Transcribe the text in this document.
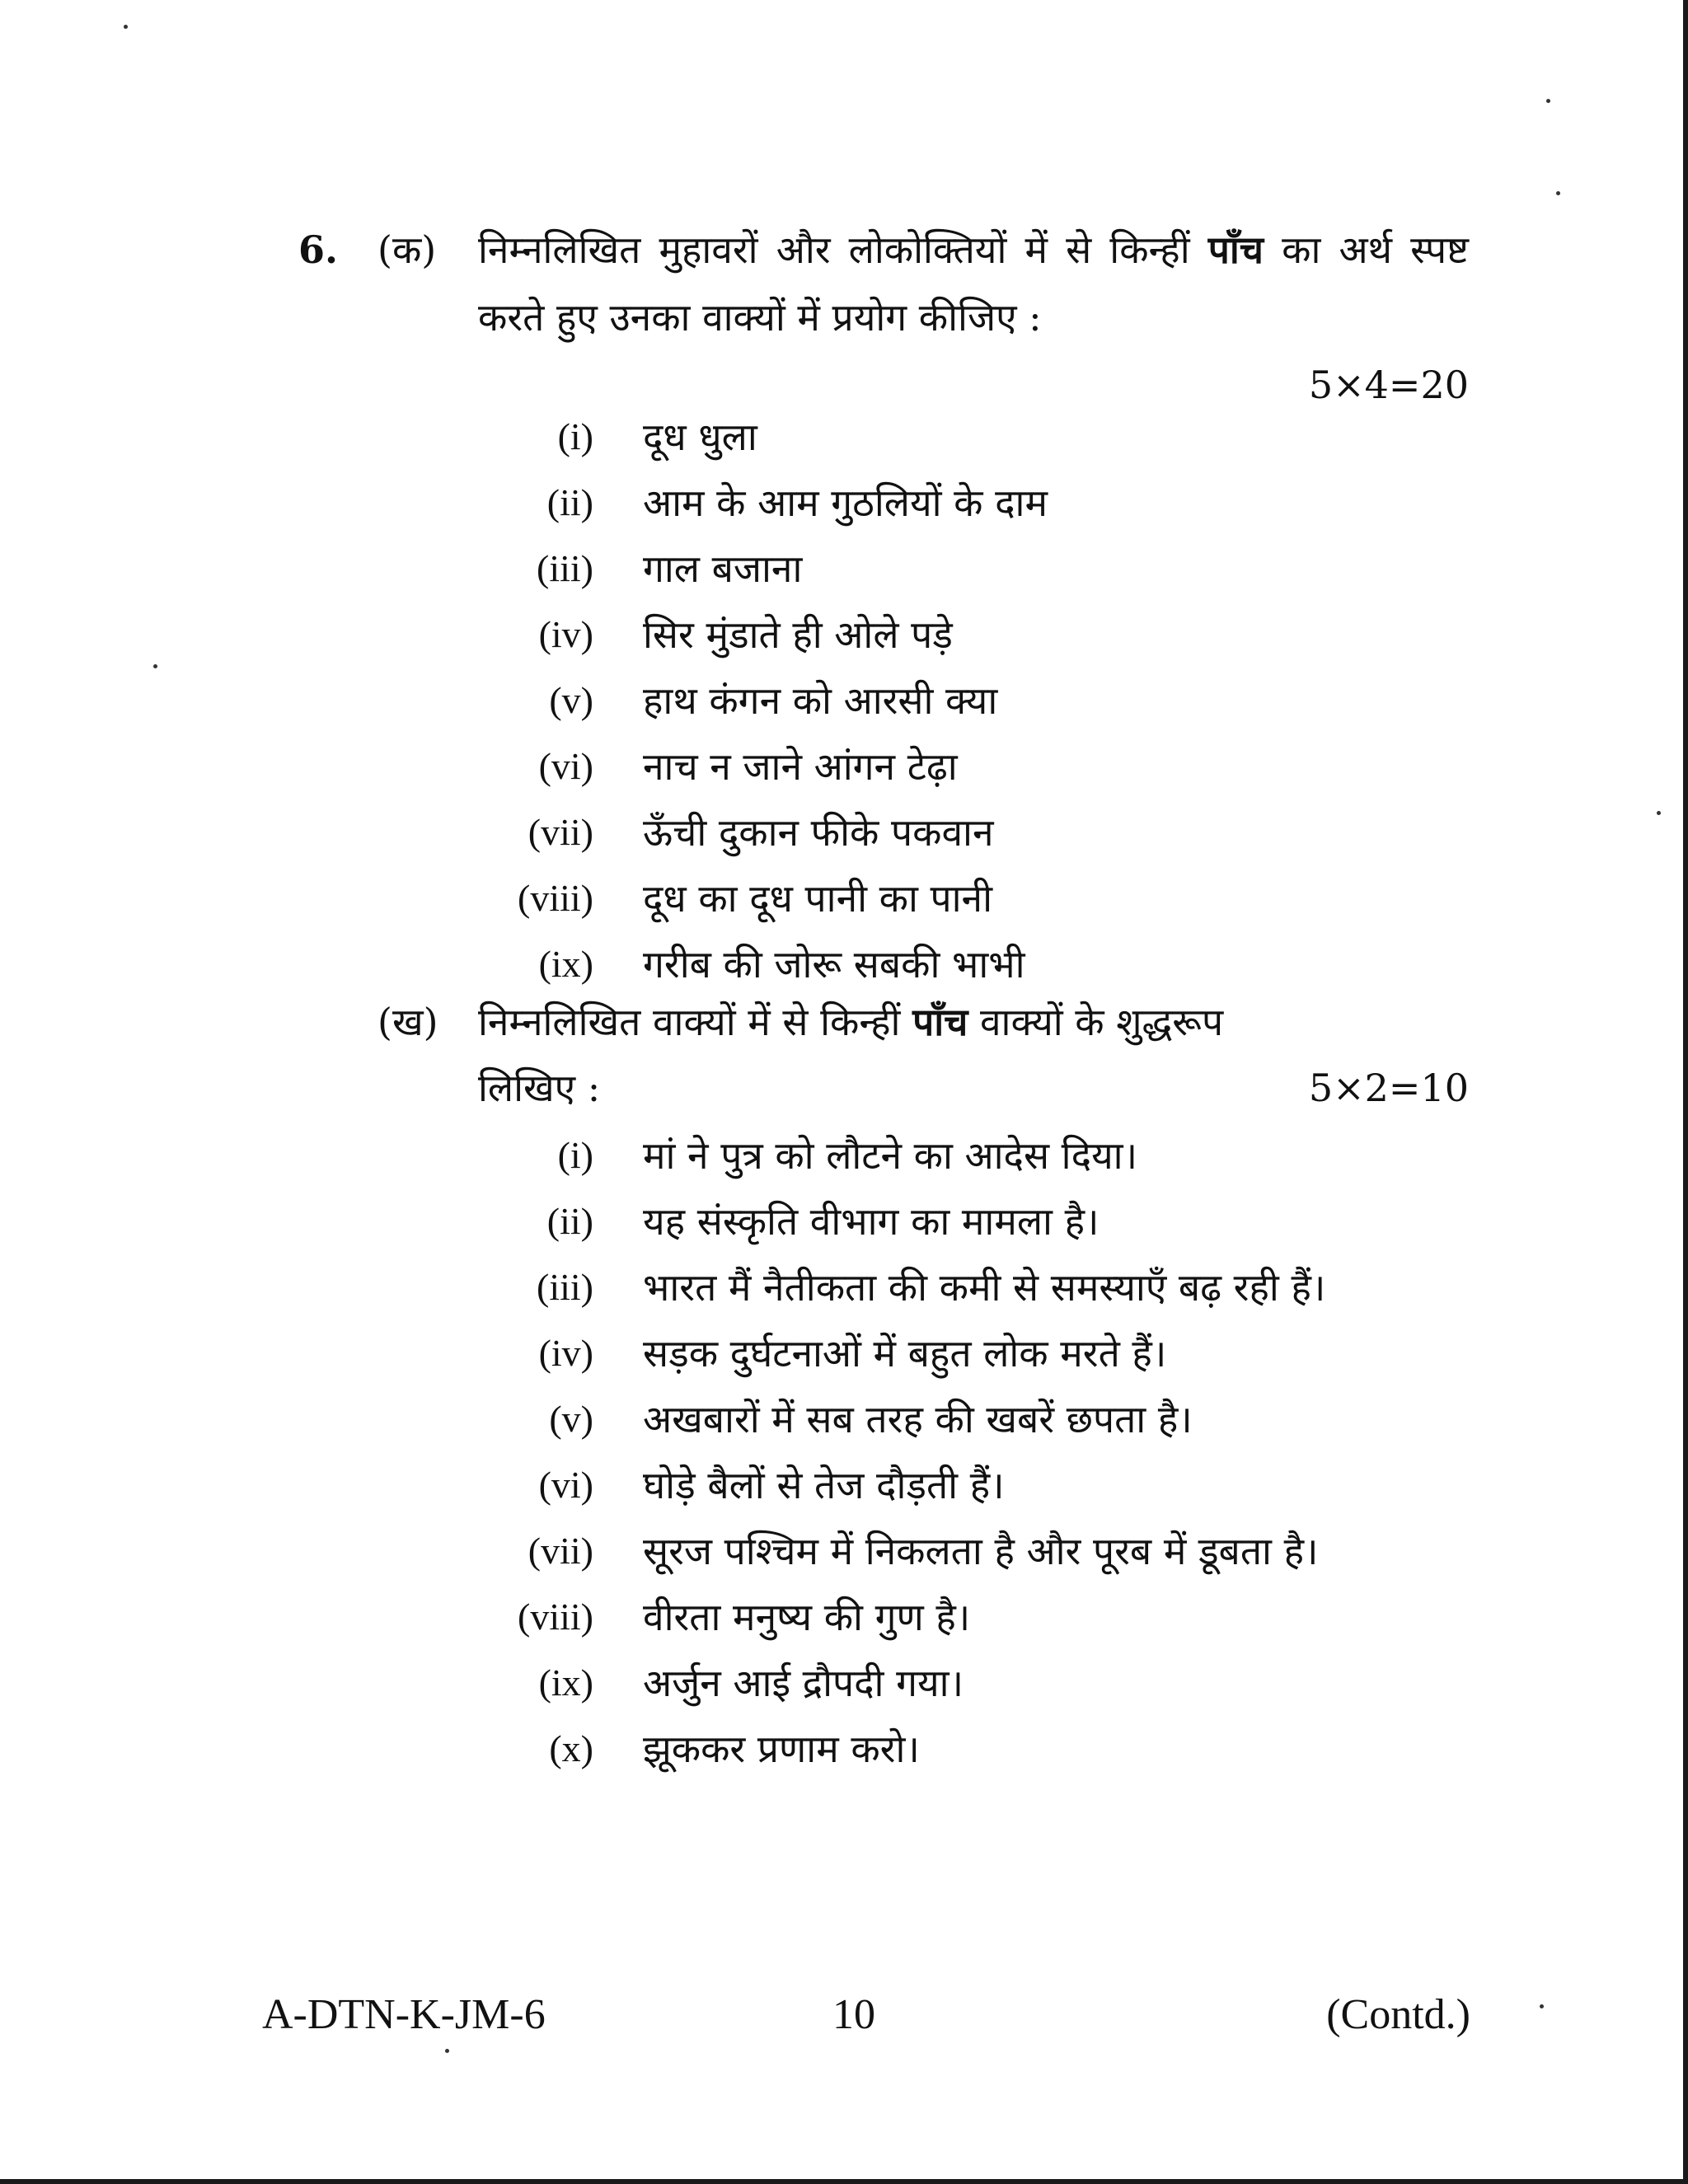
6. (क) निम्नलिखित मुहावरों और लोकोक्तियों में से किन्हीं पाँच का अर्थ स्पष्ट करते हुए उनका वाक्यों में प्रयोग कीजिए :
5×4=20
(i)	दूध धुला
(ii)	आम के आम गुठलियों के दाम
(iii)	गाल बजाना
(iv)	सिर मुंडाते ही ओले पड़े
(v)	हाथ कंगन को आरसी क्या
(vi)	नाच न जाने आंगन टेढ़ा
(vii)	ऊँची दुकान फीके पकवान
(viii)	दूध का दूध पानी का पानी
(ix)	गरीब की जोरू सबकी भाभी
(ख) निम्नलिखित वाक्यों में से किन्हीं पाँच वाक्यों के शुद्धरूप
लिखिए :	5×2=10
(i)	मां ने पुत्र को लौटने का आदेस दिया।
(ii)	यह संस्कृति वीभाग का मामला है।
(iii)	भारत मैं नैतीकता की कमी से समस्याएँ बढ़ रही हैं।
(iv)	सड़क दुर्घटनाओं में बहुत लोक मरते हैं।
(v)	अखबारों में सब तरह की खबरें छपता है।
(vi)	घोड़े बैलों से तेज दौड़ती हैं।
(vii)	सूरज पश्चिम में निकलता है और पूरब में डूबता है।
(viii)	वीरता मनुष्य की गुण है।
(ix)	अर्जुन आई द्रौपदी गया।
(x)	झूककर प्रणाम करो।
A-DTN-K-JM-6	10	(Contd.)
